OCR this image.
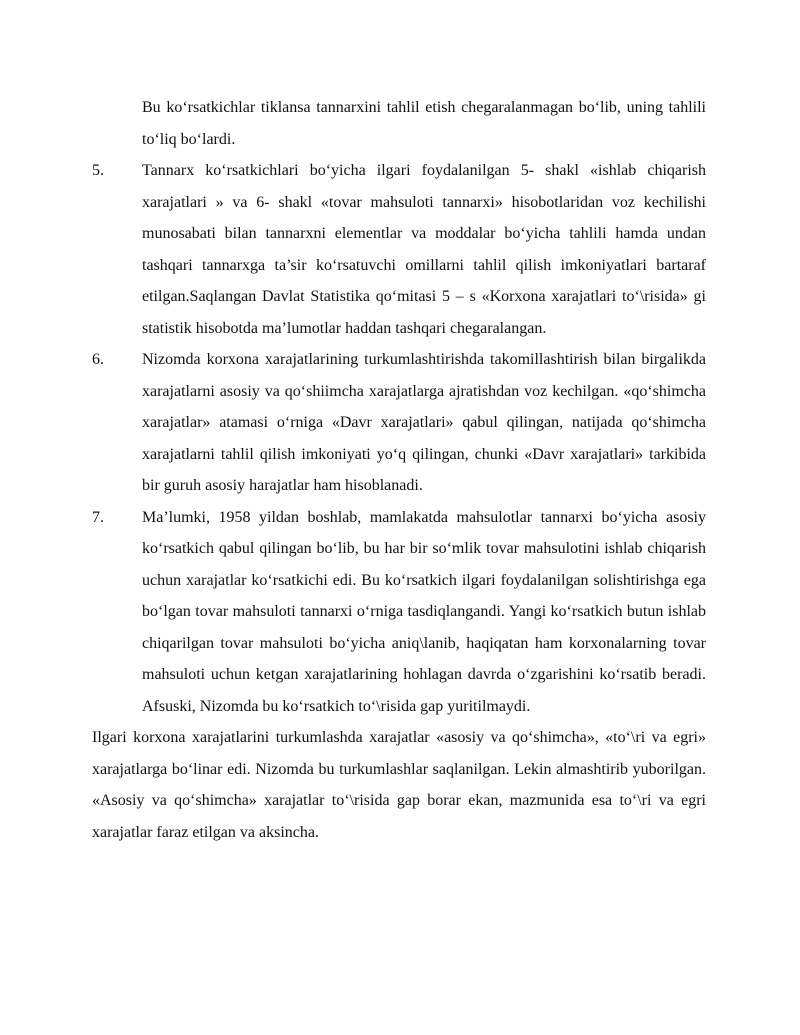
Bu koʻrsatkichlar tiklansa tannarxini tahlil etish chegaralanmagan boʻlib, uning tahlili toʻliq boʻlardi.
5.	Tannarx koʻrsatkichlari boʻyicha ilgari foydalanilgan 5- shakl «ishlab chiqarish xarajatlari » va 6- shakl «tovar mahsuloti tannarxi» hisobotlaridan voz kechilishi munosabati bilan tannarxni elementlar va moddalar boʻyicha tahlili hamda undan tashqari tannarxga ta’sir koʻrsatuvchi omillarni tahlil qilish imkoniyatlari bartaraf etilgan.Saqlangan Davlat Statistika qoʻmitasi 5 – s «Korxona xarajatlari toʻ\risida» gi statistik hisobotda ma’lumotlar haddan tashqari chegaralangan.
6.	Nizomda korxona xarajatlarining turkumlashtirishda takomillashtirish bilan birgalikda xarajatlarni asosiy va qoʻshiimcha xarajatlarga ajratishdan voz kechilgan. «qoʻshimcha xarajatlar» atamasi oʻrniga «Davr xarajatlari» qabul qilingan, natijada qoʻshimcha xarajatlarni tahlil qilish imkoniyati yoʻq qilingan, chunki «Davr xarajatlari» tarkibida bir guruh asosiy harajatlar ham hisoblanadi.
7.	Ma’lumki, 1958 yildan boshlab, mamlakatda mahsulotlar tannarxi boʻyicha asosiy koʻrsatkich qabul qilingan boʻlib, bu har bir soʻmlik tovar mahsulotini ishlab chiqarish uchun xarajatlar koʻrsatkichi edi. Bu koʻrsatkich ilgari foydalanilgan solishtirishga ega boʻlgan tovar mahsuloti tannarxi oʻrniga tasdiqlangandi. Yangi koʻrsatkich butun ishlab chiqarilgan tovar mahsuloti boʻyicha aniq\lanib, haqiqatan ham korxonalarning tovar mahsuloti uchun ketgan xarajatlarining hohlagan davrda oʻzgarishini koʻrsatib beradi. Afsuski, Nizomda bu koʻrsatkich toʻ\risida gap yuritilmaydi.

Ilgari korxona xarajatlarini turkumlashda xarajatlar «asosiy va qoʻshimcha», «toʻ\ri va egri» xarajatlarga boʻlinar edi. Nizomda bu turkumlashlar saqlanilgan. Lekin almashtirib yuborilgan. «Asosiy va qoʻshimcha» xarajatlar toʻ\risida gap borar ekan, mazmunida esa toʻ\ri va egri xarajatlar faraz etilgan va aksincha.
